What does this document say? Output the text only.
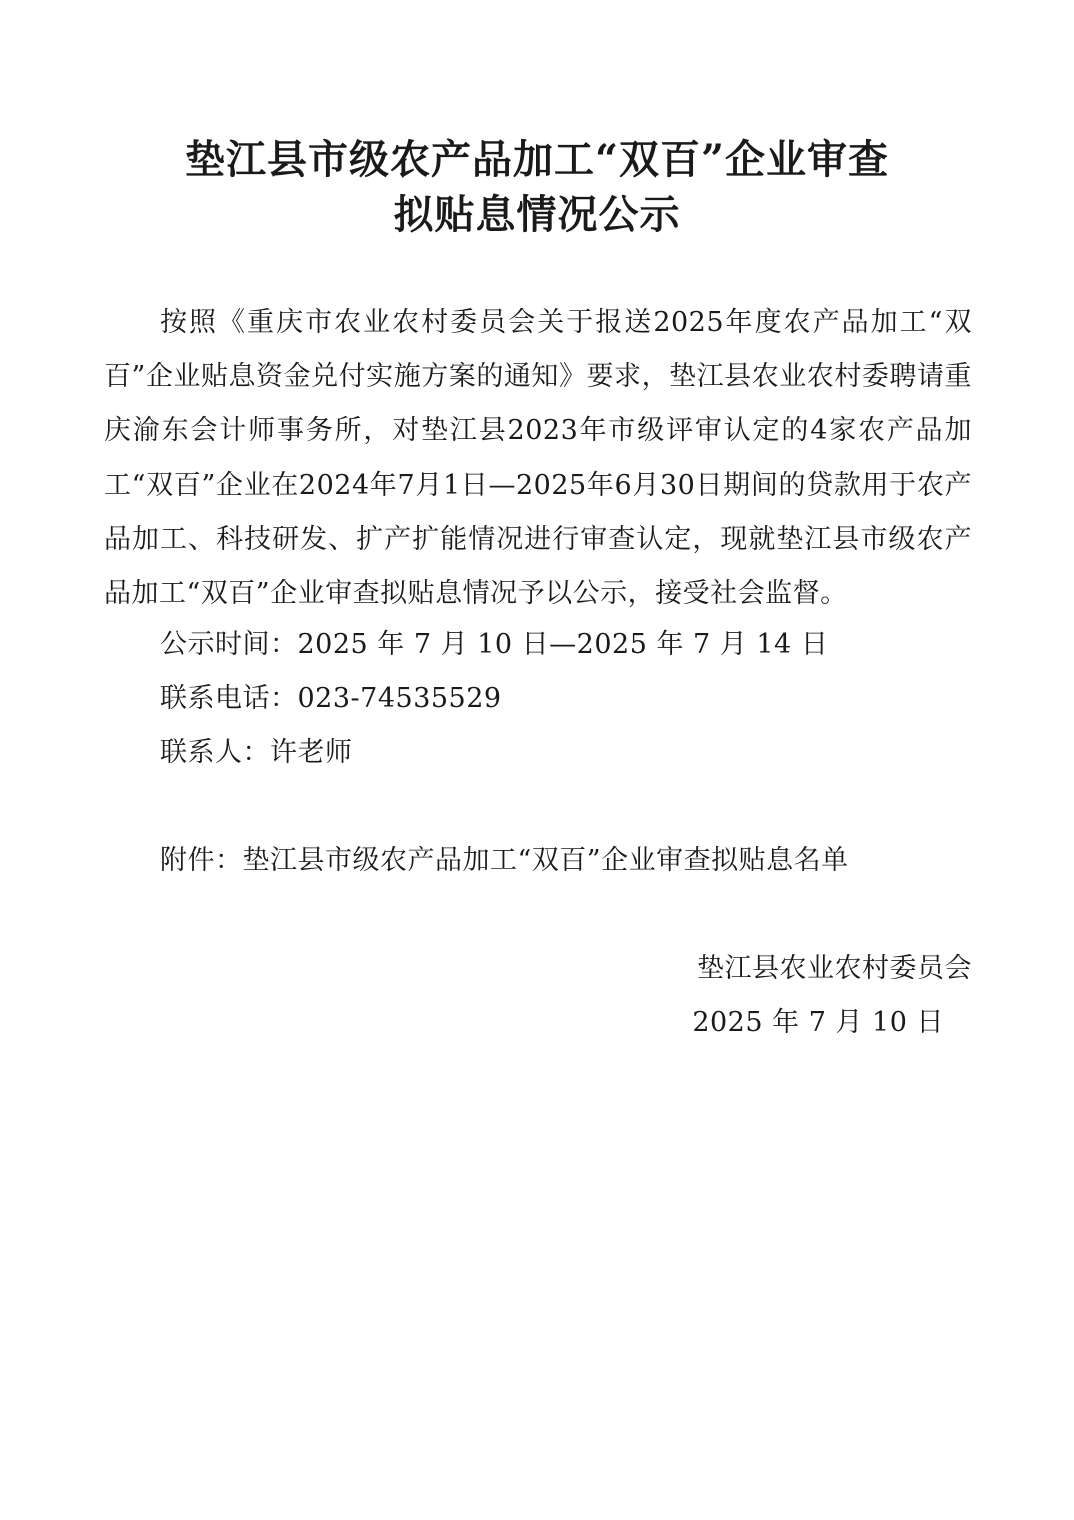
垫江县市级农产品加工“双百”企业审查
拟贴息情况公示
按照《重庆市农业农村委员会关于报送2025年度农产品加工“双百”企业贴息资金兑付实施方案的通知》要求，垫江县农业农村委聘请重庆渝东会计师事务所，对垫江县2023年市级评审认定的4家农产品加工“双百”企业在2024年7月1日—2025年6月30日期间的贷款用于农产品加工、科技研发、扩产扩能情况进行审查认定，现就垫江县市级农产品加工“双百”企业审查拟贴息情况予以公示，接受社会监督。
公示时间：2025 年 7 月 10 日—2025 年 7 月 14 日
联系电话：023-74535529
联系人：许老师
附件：垫江县市级农产品加工“双百”企业审查拟贴息名单
垫江县农业农村委员会
2025 年 7 月 10 日
